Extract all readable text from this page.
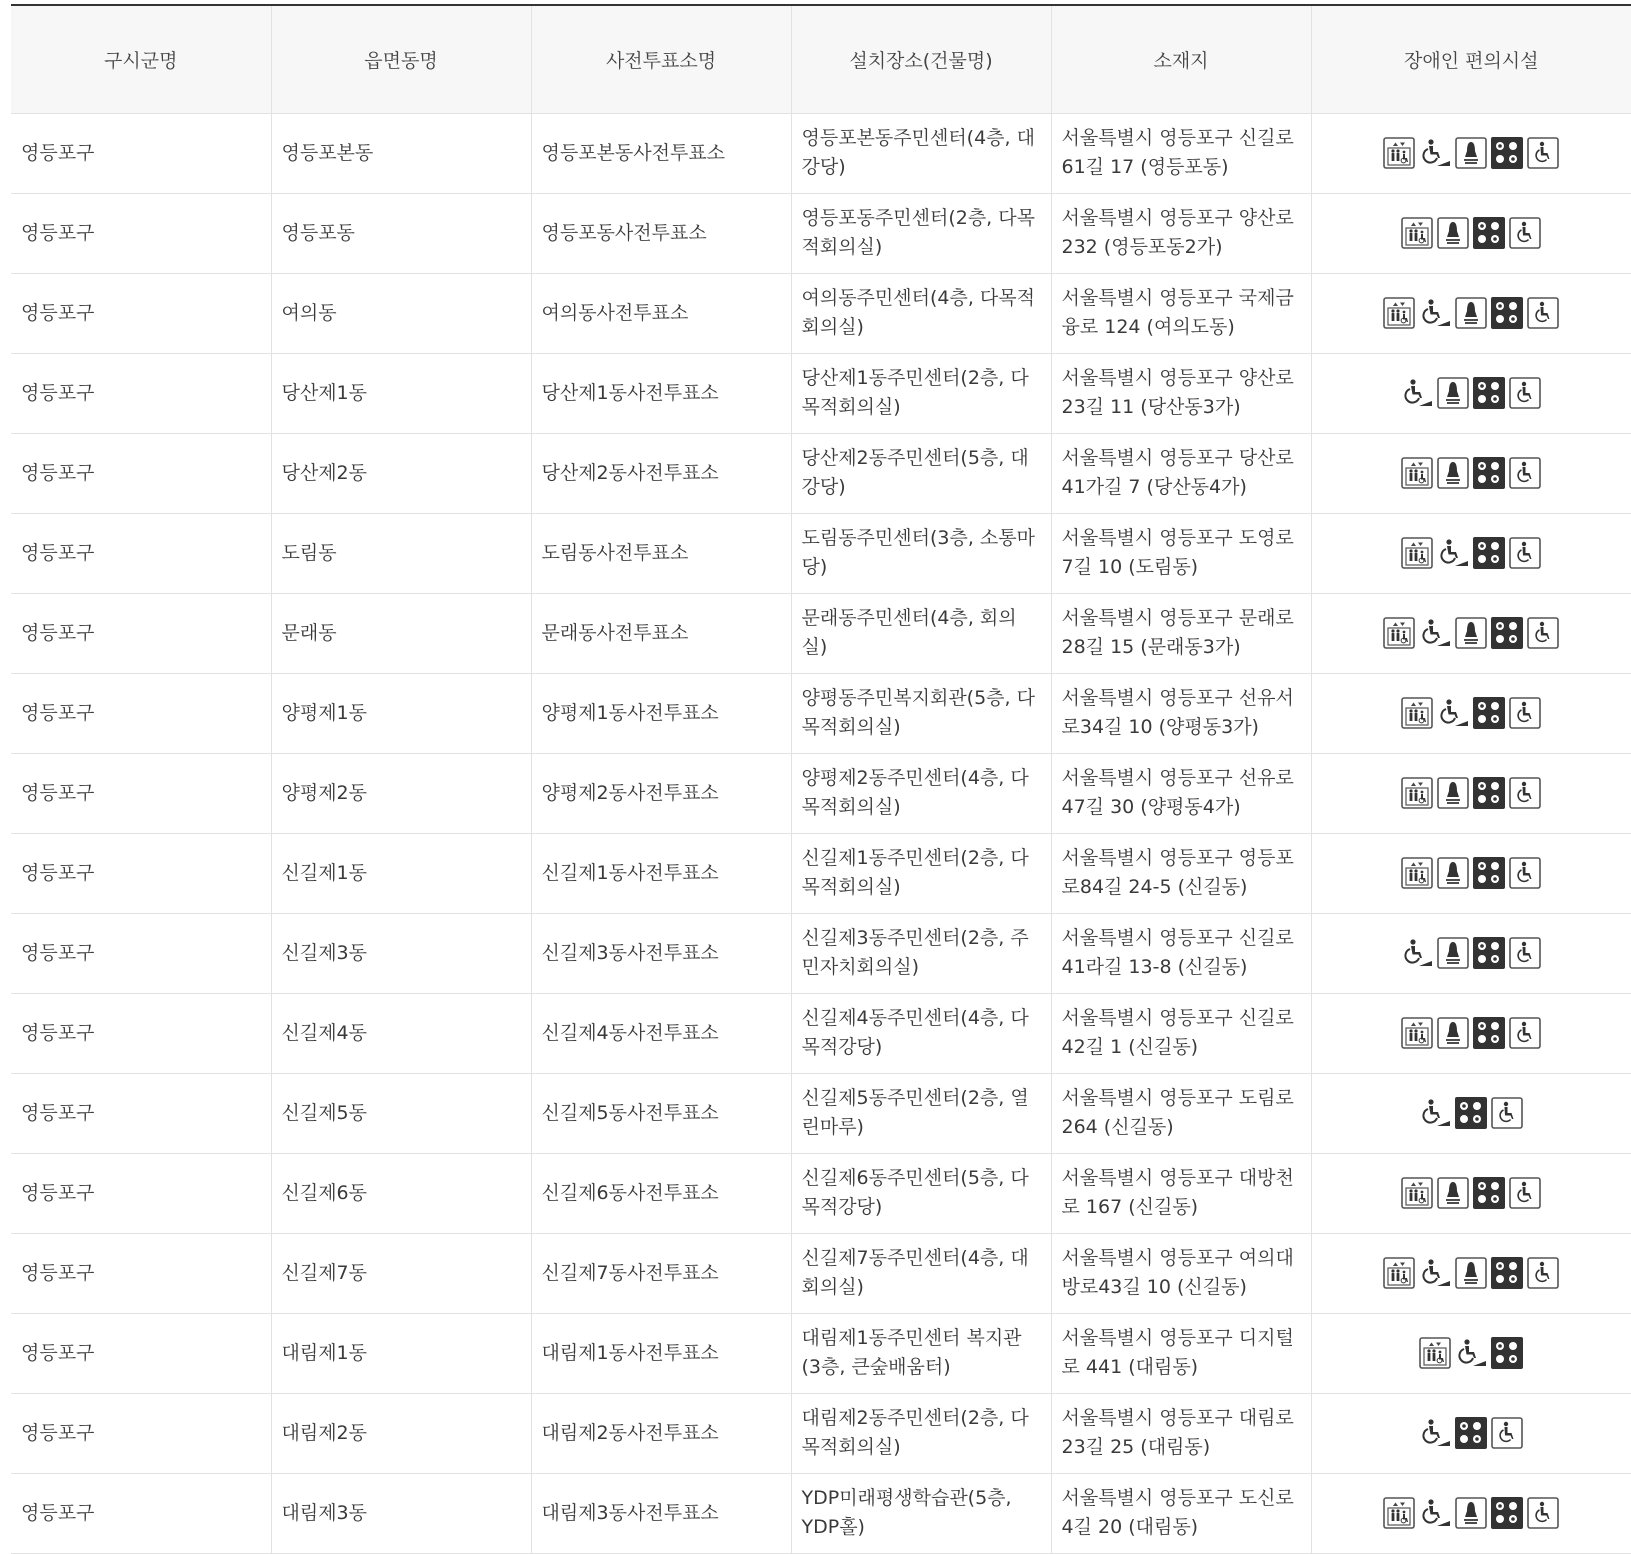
구시군명	읍면동명	사전투표소명	설치장소(건물명)	소재지	장애인 편의시설
영등포구	영등포본동	영등포본동사전투표소	영등포본동주민센터(4층, 대강당)	서울특별시 영등포구 신길로61길 17 (영등포동)	

영등포구	영등포동	영등포동사전투표소	영등포동주민센터(2층, 다목적회의실)	서울특별시 영등포구 양산로 232 (영등포동2가)	

영등포구	여의동	여의동사전투표소	여의동주민센터(4층, 다목적회의실)	서울특별시 영등포구 국제금융로 124 (여의도동)	

영등포구	당산제1동	당산제1동사전투표소	당산제1동주민센터(2층, 다목적회의실)	서울특별시 영등포구 양산로23길 11 (당산동3가)	

영등포구	당산제2동	당산제2동사전투표소	당산제2동주민센터(5층, 대강당)	서울특별시 영등포구 당산로41가길 7 (당산동4가)	

영등포구	도림동	도림동사전투표소	도림동주민센터(3층, 소통마당)	서울특별시 영등포구 도영로7길 10 (도림동)	

영등포구	문래동	문래동사전투표소	문래동주민센터(4층, 회의실)	서울특별시 영등포구 문래로28길 15 (문래동3가)	

영등포구	양평제1동	양평제1동사전투표소	양평동주민복지회관(5층, 다목적회의실)	서울특별시 영등포구 선유서로34길 10 (양평동3가)	

영등포구	양평제2동	양평제2동사전투표소	양평제2동주민센터(4층, 다목적회의실)	서울특별시 영등포구 선유로47길 30 (양평동4가)	

영등포구	신길제1동	신길제1동사전투표소	신길제1동주민센터(2층, 다목적회의실)	서울특별시 영등포구 영등포로84길 24-5 (신길동)	

영등포구	신길제3동	신길제3동사전투표소	신길제3동주민센터(2층, 주민자치회의실)	서울특별시 영등포구 신길로41라길 13-8 (신길동)	

영등포구	신길제4동	신길제4동사전투표소	신길제4동주민센터(4층, 다목적강당)	서울특별시 영등포구 신길로42길 1 (신길동)	

영등포구	신길제5동	신길제5동사전투표소	신길제5동주민센터(2층, 열린마루)	서울특별시 영등포구 도림로 264 (신길동)	

영등포구	신길제6동	신길제6동사전투표소	신길제6동주민센터(5층, 다목적강당)	서울특별시 영등포구 대방천로 167 (신길동)	

영등포구	신길제7동	신길제7동사전투표소	신길제7동주민센터(4층, 대회의실)	서울특별시 영등포구 여의대방로43길 10 (신길동)	

영등포구	대림제1동	대림제1동사전투표소	대림제1동주민센터 복지관(3층, 큰숲배움터)	서울특별시 영등포구 디지털로 441 (대림동)	

영등포구	대림제2동	대림제2동사전투표소	대림제2동주민센터(2층, 다목적회의실)	서울특별시 영등포구 대림로23길 25 (대림동)	

영등포구	대림제3동	대림제3동사전투표소	YDP미래평생학습관(5층, YDP홀)	서울특별시 영등포구 도신로4길 20 (대림동)	
